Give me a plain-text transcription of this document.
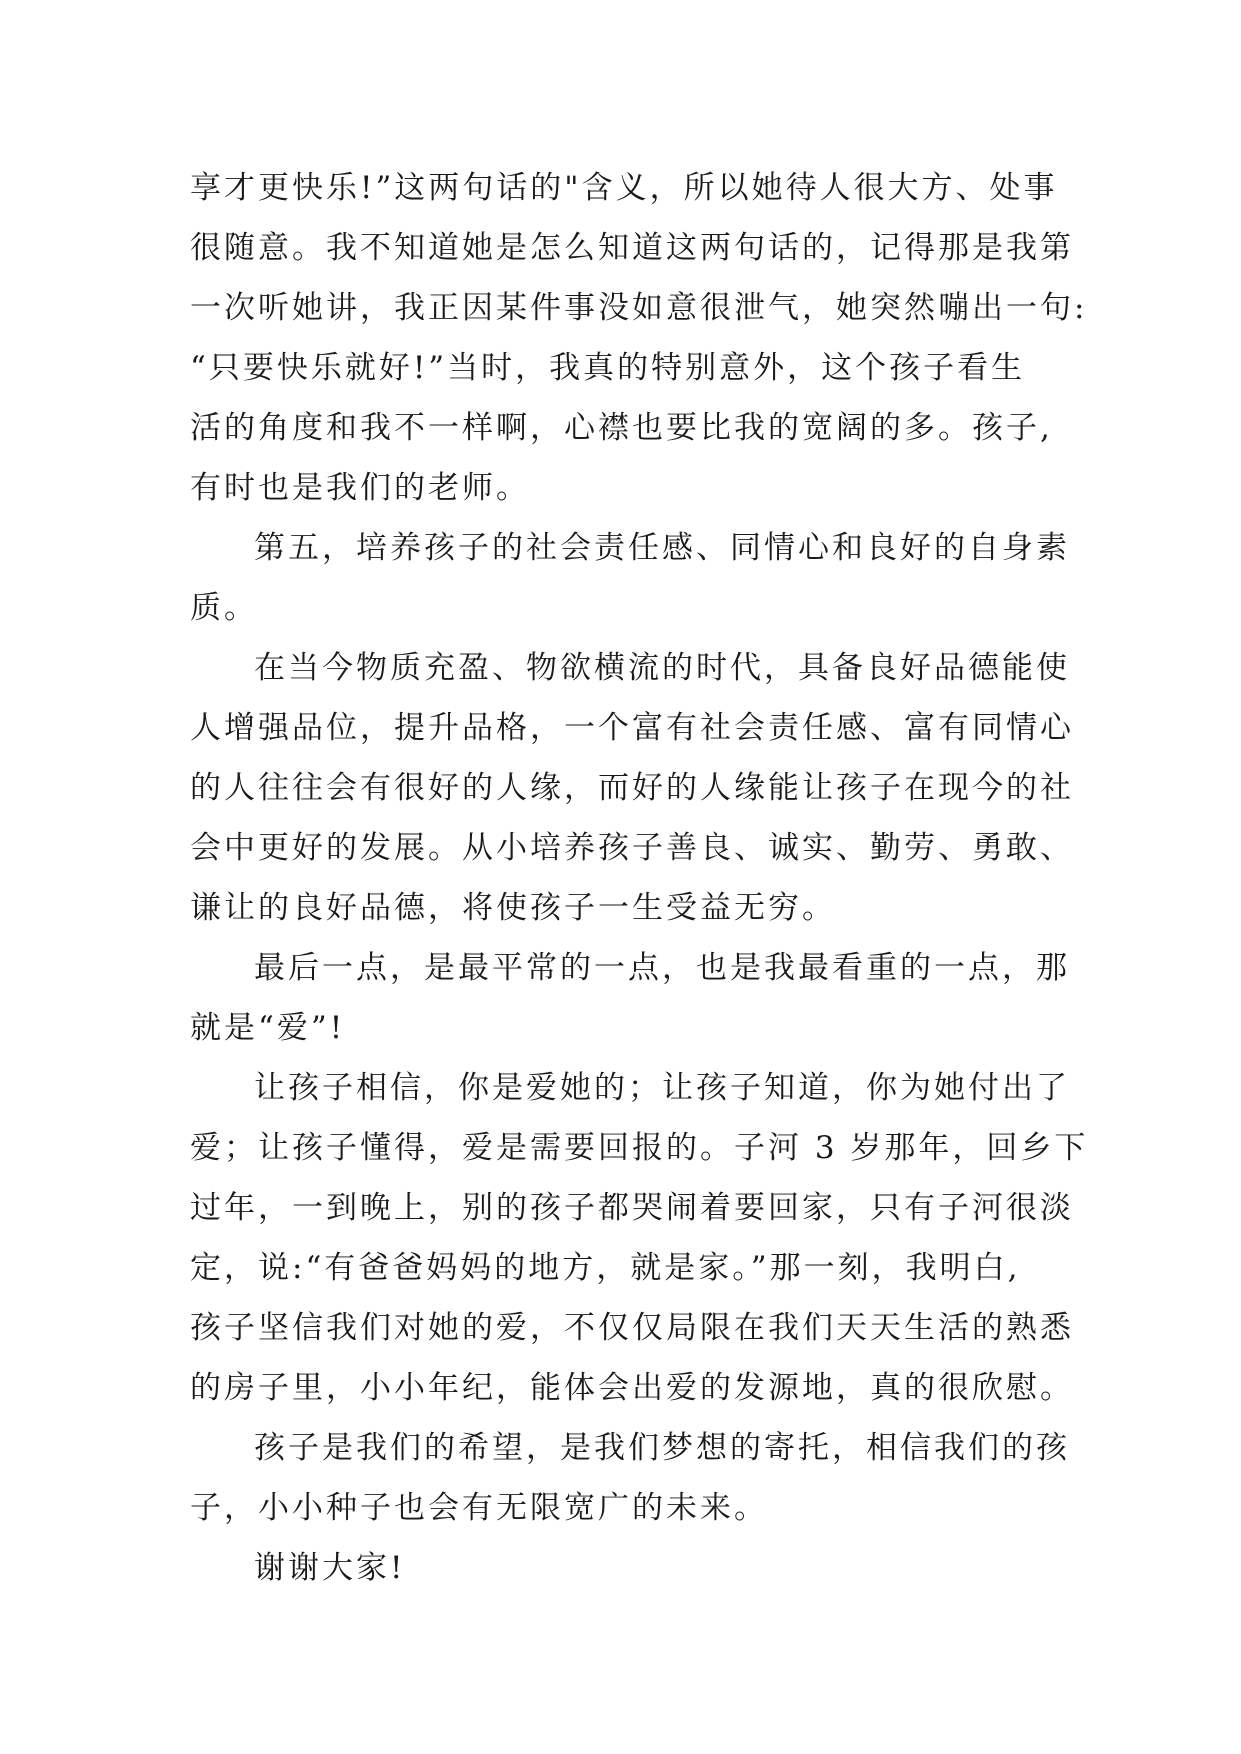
享才更快乐!”这两句话的"含义，所以她待人很大方、处事
很随意。我不知道她是怎么知道这两句话的，记得那是我第
一次听她讲，我正因某件事没如意很泄气，她突然嘣出一句:
“只要快乐就好!”当时，我真的特别意外，这个孩子看生
活的角度和我不一样啊，心襟也要比我的宽阔的多。孩子,
有时也是我们的老师。
第五，培养孩子的社会责任感、同情心和良好的自身素
质。
在当今物质充盈、物欲横流的时代，具备良好品德能使
人增强品位，提升品格，一个富有社会责任感、富有同情心
的人往往会有很好的人缘，而好的人缘能让孩子在现今的社
会中更好的发展。从小培养孩子善良、诚实、勤劳、勇敢、
谦让的良好品德，将使孩子一生受益无穷。
最后一点，是最平常的一点，也是我最看重的一点，那
就是“爱”!
让孩子相信，你是爱她的；让孩子知道，你为她付出了
爱；让孩子懂得，爱是需要回报的。子河 3 岁那年，回乡下
过年，一到晚上，别的孩子都哭闹着要回家，只有子河很淡
定，说:“有爸爸妈妈的地方，就是家。”那一刻，我明白,
孩子坚信我们对她的爱，不仅仅局限在我们天天生活的熟悉
的房子里，小小年纪，能体会出爱的发源地，真的很欣慰。
孩子是我们的希望，是我们梦想的寄托，相信我们的孩
子，小小种子也会有无限宽广的未来。
谢谢大家!
